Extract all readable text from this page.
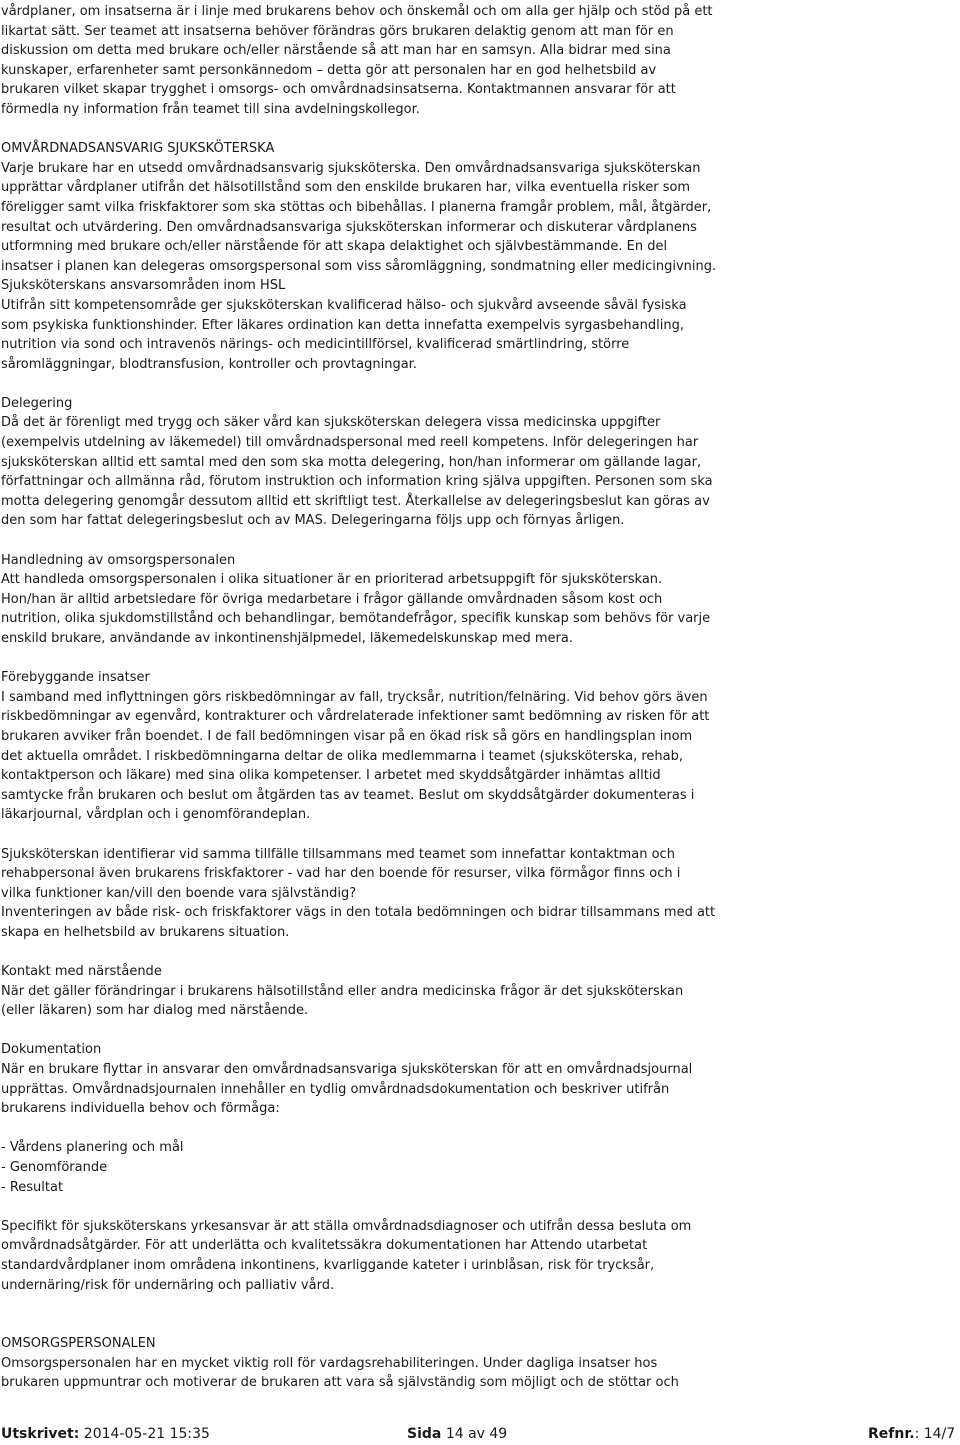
vårdplaner, om insatserna är i linje med brukarens behov och önskemål och om alla ger hjälp och stöd på ett
likartat sätt. Ser teamet att insatserna behöver förändras görs brukaren delaktig genom att man för en
diskussion om detta med brukare och/eller närstående så att man har en samsyn. Alla bidrar med sina
kunskaper, erfarenheter samt personkännedom – detta gör att personalen har en god helhetsbild av
brukaren vilket skapar trygghet i omsorgs- och omvårdnadsinsatserna. Kontaktmannen ansvarar för att
förmedla ny information från teamet till sina avdelningskollegor.
OMVÅRDNADSANSVARIG SJUKSKÖTERSKA
Varje brukare har en utsedd omvårdnadsansvarig sjuksköterska. Den omvårdnadsansvariga sjuksköterskan
upprättar vårdplaner utifrån det hälsotillstånd som den enskilde brukaren har, vilka eventuella risker som
föreligger samt vilka friskfaktorer som ska stöttas och bibehållas. I planerna framgår problem, mål, åtgärder,
resultat och utvärdering. Den omvårdnadsansvariga sjuksköterskan informerar och diskuterar vårdplanens
utformning med brukare och/eller närstående för att skapa delaktighet och självbestämmande. En del
insatser i planen kan delegeras omsorgspersonal som viss såromläggning, sondmatning eller medicingivning.
Sjuksköterskans ansvarsområden inom HSL
Utifrån sitt kompetensområde ger sjuksköterskan kvalificerad hälso- och sjukvård avseende såväl fysiska
som psykiska funktionshinder. Efter läkares ordination kan detta innefatta exempelvis syrgasbehandling,
nutrition via sond och intravenös närings- och medicintillförsel, kvalificerad smärtlindring, större
såromläggningar, blodtransfusion, kontroller och provtagningar.
Delegering
Då det är förenligt med trygg och säker vård kan sjuksköterskan delegera vissa medicinska uppgifter
(exempelvis utdelning av läkemedel) till omvårdnadspersonal med reell kompetens. Inför delegeringen har
sjuksköterskan alltid ett samtal med den som ska motta delegering, hon/han informerar om gällande lagar,
författningar och allmänna råd, förutom instruktion och information kring själva uppgiften. Personen som ska
motta delegering genomgår dessutom alltid ett skriftligt test. Återkallelse av delegeringsbeslut kan göras av
den som har fattat delegeringsbeslut och av MAS. Delegeringarna följs upp och förnyas årligen.
Handledning av omsorgspersonalen
Att handleda omsorgspersonalen i olika situationer är en prioriterad arbetsuppgift för sjuksköterskan.
Hon/han är alltid arbetsledare för övriga medarbetare i frågor gällande omvårdnaden såsom kost och
nutrition, olika sjukdomstillstånd och behandlingar, bemötandefrågor, specifik kunskap som behövs för varje
enskild brukare, användande av inkontinenshjälpmedel, läkemedelskunskap med mera.
Förebyggande insatser
I samband med inflyttningen görs riskbedömningar av fall, trycksår, nutrition/felnäring. Vid behov görs även
riskbedömningar av egenvård, kontrakturer och vårdrelaterade infektioner samt bedömning av risken för att
brukaren avviker från boendet. I de fall bedömningen visar på en ökad risk så görs en handlingsplan inom
det aktuella området. I riskbedömningarna deltar de olika medlemmarna i teamet (sjuksköterska, rehab,
kontaktperson och läkare) med sina olika kompetenser. I arbetet med skyddsåtgärder inhämtas alltid
samtycke från brukaren och beslut om åtgärden tas av teamet. Beslut om skyddsåtgärder dokumenteras i
läkarjournal, vårdplan och i genomförandeplan.
Sjuksköterskan identifierar vid samma tillfälle tillsammans med teamet som innefattar kontaktman och
rehabpersonal även brukarens friskfaktorer - vad har den boende för resurser, vilka förmågor finns och i
vilka funktioner kan/vill den boende vara självständig?
Inventeringen av både risk- och friskfaktorer vägs in den totala bedömningen och bidrar tillsammans med att
skapa en helhetsbild av brukarens situation.
Kontakt med närstående
När det gäller förändringar i brukarens hälsotillstånd eller andra medicinska frågor är det sjuksköterskan
(eller läkaren) som har dialog med närstående.
Dokumentation
När en brukare flyttar in ansvarar den omvårdnadsansvariga sjuksköterskan för att en omvårdnadsjournal
upprättas. Omvårdnadsjournalen innehåller en tydlig omvårdnadsdokumentation och beskriver utifrån
brukarens individuella behov och förmåga:
- Vårdens planering och mål
- Genomförande
- Resultat
Specifikt för sjuksköterskans yrkesansvar är att ställa omvårdnadsdiagnoser och utifrån dessa besluta om
omvårdnadsåtgärder. För att underlätta och kvalitetssäkra dokumentationen har Attendo utarbetat
standardvårdplaner inom områdena inkontinens, kvarliggande kateter i urinblåsan, risk för trycksår,
undernäring/risk för undernäring och palliativ vård.
OMSORGSPERSONALEN
Omsorgspersonalen har en mycket viktig roll för vardagsrehabiliteringen. Under dagliga insatser hos
brukaren uppmuntrar och motiverar de brukaren att vara så självständig som möjligt och de stöttar och
Utskrivet: 2014-05-21 15:35	Sida 14 av 49	Refnr.: 14/7
